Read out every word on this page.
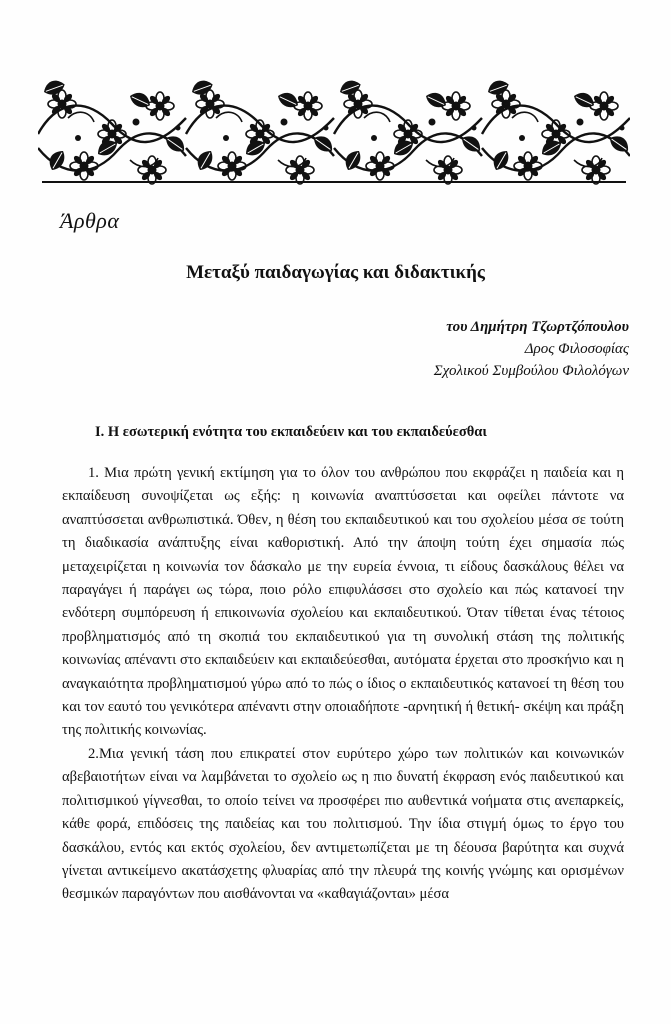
Άρθρα
Μεταξύ παιδαγωγίας και διδακτικής
του Δημήτρη Τζωρτζόπουλου
Δρος Φιλοσοφίας
Σχολικού Συμβούλου Φιλολόγων
I. Η εσωτερική ενότητα του εκπαιδεύειν και του εκπαιδεύεσθαι

1. Μια πρώτη γενική εκτίμηση για το όλον του ανθρώπου που εκφράζει η παιδεία και η εκπαίδευση συνοψίζεται ως εξής: η κοινωνία αναπτύσσεται και οφείλει πάντοτε να αναπτύσσεται ανθρωπιστικά. Όθεν, η θέση του εκπαιδευτικού και του σχολείου μέσα σε τούτη τη διαδικασία ανάπτυξης είναι καθοριστική. Από την άποψη τούτη έχει σημασία πώς μεταχειρίζεται η κοινωνία τον δάσκαλο με την ευρεία έννοια, τι είδους δασκάλους θέλει να παραγάγει ή παράγει ως τώρα, ποιο ρόλο επιφυλάσσει στο σχολείο και πώς κατανοεί την ενδότερη συμπόρευση ή επικοινωνία σχολείου και εκπαιδευτικού. Όταν τίθεται ένας τέτοιος προβληματισμός από τη σκοπιά του εκπαιδευτικού για τη συνολική στάση της πολιτικής κοινωνίας απέναντι στο εκπαιδεύειν και εκπαιδεύεσθαι, αυτόματα έρχεται στο προσκήνιο και η αναγκαιότητα προβληματισμού γύρω από το πώς ο ίδιος ο εκπαιδευτικός κατανοεί τη θέση του και τον εαυτό του γενικότερα απέναντι στην οποιαδήποτε -αρνητική ή θετική- σκέψη και πράξη της πολιτικής κοινωνίας.

2.Μια γενική τάση που επικρατεί στον ευρύτερο χώρο των πολιτικών και κοινωνικών αβεβαιοτήτων είναι να λαμβάνεται το σχολείο ως η πιο δυνατή έκφραση ενός παιδευτικού και πολιτισμικού γίγνεσθαι, το οποίο τείνει να προσφέρει πιο αυθεντικά νοήματα στις ανεπαρκείς, κάθε φορά, επιδόσεις της παιδείας και του πολιτισμού. Την ίδια στιγμή όμως το έργο του δασκάλου, εντός και εκτός σχολείου, δεν αντιμετωπίζεται με τη δέουσα βαρύτητα και συχνά γίνεται αντικείμενο ακατάσχετης φλυαρίας από την πλευρά της κοινής γνώμης και ορισμένων θεσμικών παραγόντων που αισθάνονται να «καθαγιάζονται» μέσα
